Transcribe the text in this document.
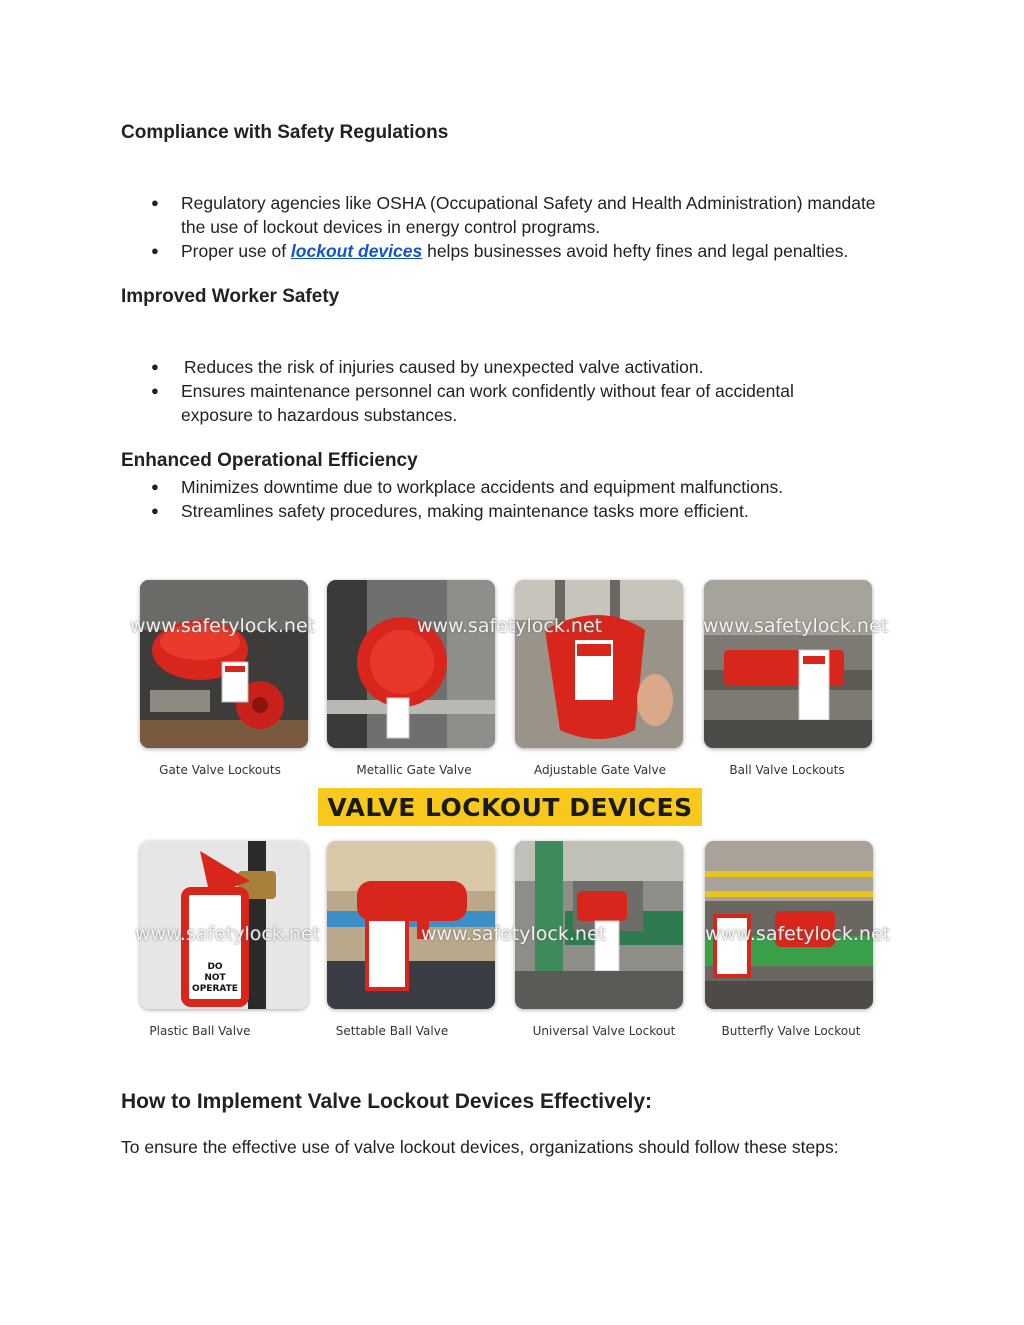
Compliance with Safety Regulations
● Regulatory agencies like OSHA (Occupational Safety and Health Administration) mandate the use of lockout devices in energy control programs.
● Proper use of lockout devices helps businesses avoid hefty fines and legal penalties.
Improved Worker Safety
● Reduces the risk of injuries caused by unexpected valve activation.
● Ensures maintenance personnel can work confidently without fear of accidental exposure to hazardous substances.
Enhanced Operational Efficiency
● Minimizes downtime due to workplace accidents and equipment malfunctions.
● Streamlines safety procedures, making maintenance tasks more efficient.
www.safetylock.net	www.safetylock.net	www.safetylock.net
Gate Valve Lockouts	Metallic Gate Valve	Adjustable Gate Valve	Ball Valve Lockouts
VALVE LOCKOUT DEVICES
DO
NOT
OPERATE
www.safetylock.net	www.safetylock.net	www.safetylock.net
Plastic Ball Valve	Settable Ball Valve	Universal Valve Lockout	Butterfly Valve Lockout
How to Implement Valve Lockout Devices Effectively:

To ensure the effective use of valve lockout devices, organizations should follow these steps:
